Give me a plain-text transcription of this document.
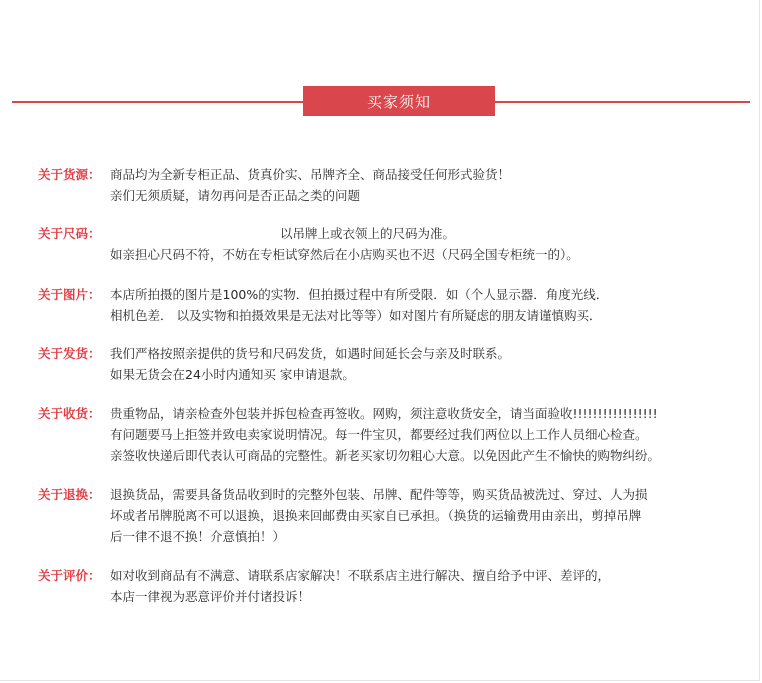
买家须知
关于货源： 商品均为全新专柜正品、货真价实、吊牌齐全、商品接受任何形式验货！
亲们无须质疑，请勿再问是否正品之类的问题
关于尺码：	以吊牌上或衣领上的尺码为准。
如亲担心尺码不符，不妨在专柜试穿然后在小店购买也不迟（尺码全国专柜统一的）。
关于图片： 本店所拍摄的图片是100%的实物．但拍摄过程中有所受限．如（个人显示器．角度光线．
相机色差． 以及实物和拍摄效果是无法对比等等）如对图片有所疑虑的朋友请谨慎购买．
关于发货： 我们严格按照亲提供的货号和尺码发货，如遇时间延长会与亲及时联系。
如果无货会在24小时内通知买 家申请退款。
关于收货： 贵重物品，请亲检查外包装并拆包检查再签收。网购，须注意收货安全，请当面验收!!!!!!!!!!!!!!!!!
有问题要马上拒签并致电卖家说明情况。每一件宝贝，都要经过我们两位以上工作人员细心检查。
亲签收快递后即代表认可商品的完整性。新老买家切勿粗心大意。以免因此产生不愉快的购物纠纷。
关于退换： 退换货品，需要具备货品收到时的完整外包装、吊牌、配件等等，购买货品被洗过、穿过、人为损
坏或者吊牌脱离不可以退换，退换来回邮费由买家自已承担。（换货的运输费用由亲出，剪掉吊牌
后一律不退不换！介意慎拍！）
关于评价： 如对收到商品有不满意、请联系店家解决！不联系店主进行解决、擅自给予中评、差评的，
本店一律视为恶意评价并付诸投诉！
